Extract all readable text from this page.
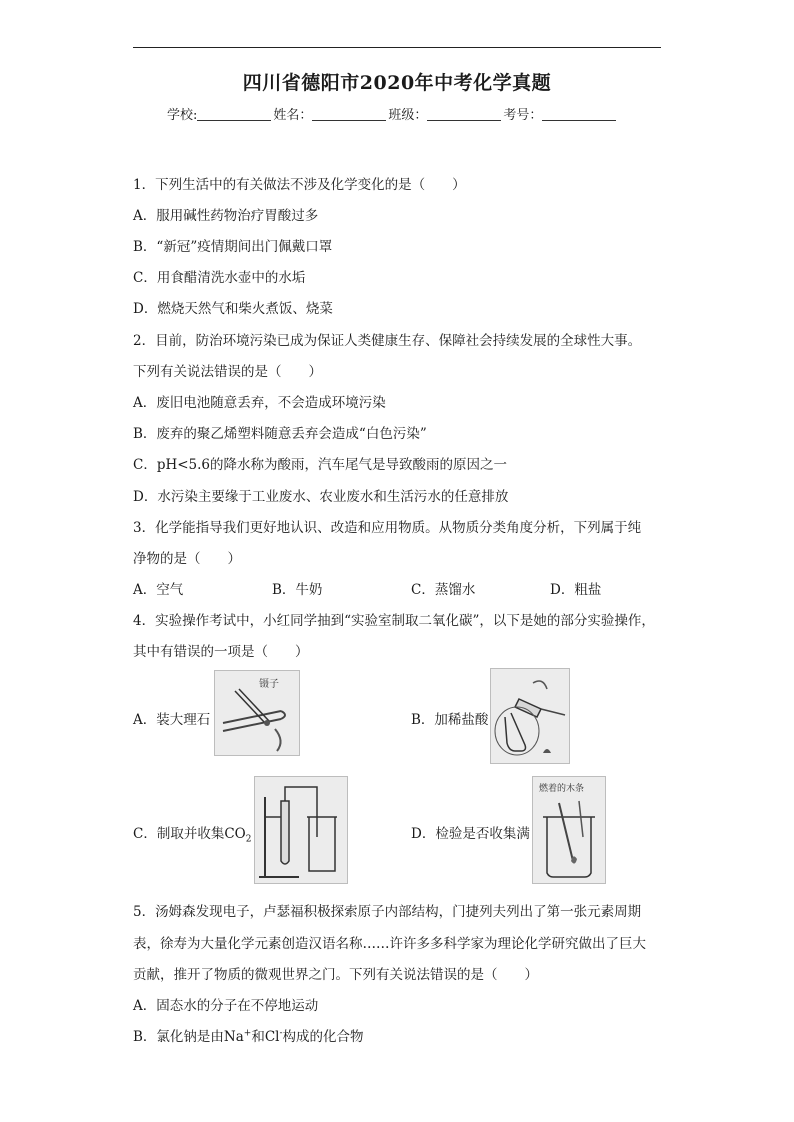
四川省德阳市2020年中考化学真题
学校:	姓名：	班级：	考号：
1．下列生活中的有关做法不涉及化学变化的是（　　）
A．服用碱性药物治疗胃酸过多
B．“新冠”疫情期间出门佩戴口罩
C．用食醋清洗水壶中的水垢
D．燃烧天然气和柴火煮饭、烧菜
2．目前，防治环境污染已成为保证人类健康生存、保障社会持续发展的全球性大事。
下列有关说法错误的是（　　）
A．废旧电池随意丢弃，不会造成环境污染
B．废弃的聚乙烯塑料随意丢弃会造成“白色污染”
C．pH<5.6的降水称为酸雨，汽车尾气是导致酸雨的原因之一
D．水污染主要缘于工业废水、农业废水和生活污水的任意排放
3．化学能指导我们更好地认识、改造和应用物质。从物质分类角度分析，下列属于纯
净物的是（　　）
A．空气	B．牛奶	C．蒸馏水	D．粗盐
4．实验操作考试中，小红同学抽到“实验室制取二氧化碳”，以下是她的部分实验操作，
其中有错误的一项是（　　）
A．装大理石
镊子
B．加稀盐酸
C．制取并收集$CO_2$	D．检验是否收集满
燃着的木条
5．汤姆森发现电子，卢瑟福积极探索原子内部结构，门捷列夫列出了第一张元素周期
表，徐寿为大量化学元素创造汉语名称……许许多多科学家为理论化学研究做出了巨大
贡献，推开了物质的微观世界之门。下列有关说法错误的是（　　）
A．固态水的分子在不停地运动
B．氯化钠是由Na+和Cl-构成的化合物
